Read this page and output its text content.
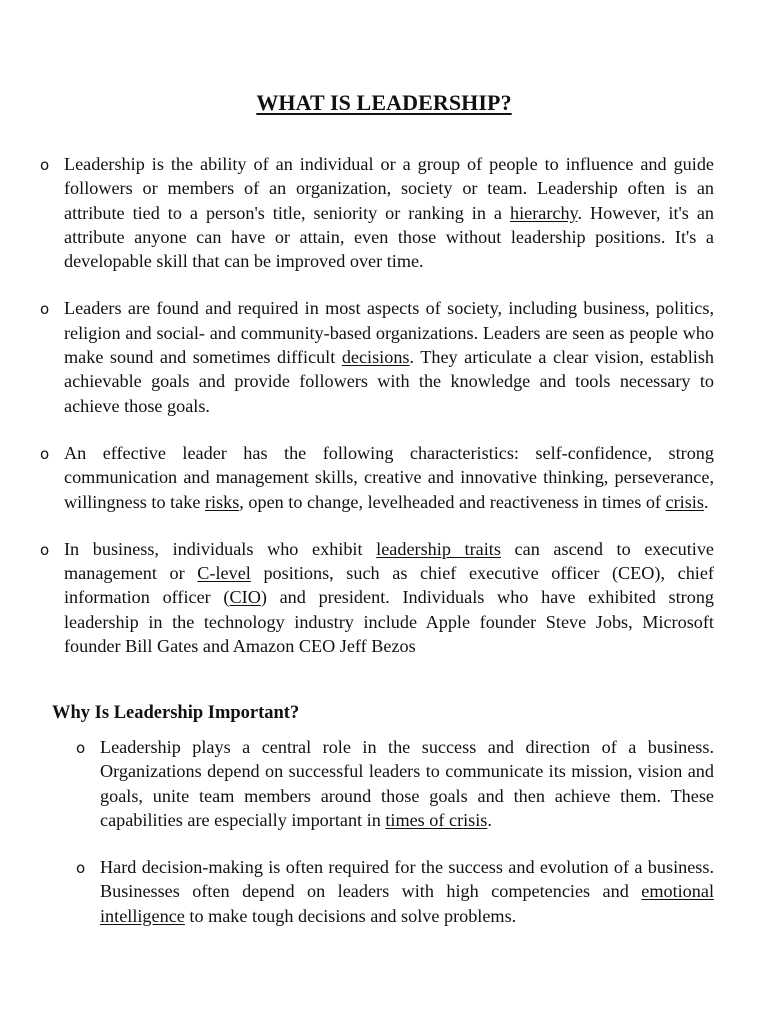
WHAT IS LEADERSHIP?
o Leadership is the ability of an individual or a group of people to influence and guide followers or members of an organization, society or team. Leadership often is an attribute tied to a person's title, seniority or ranking in a hierarchy. However, it's an attribute anyone can have or attain, even those without leadership positions. It's a developable skill that can be improved over time.
o Leaders are found and required in most aspects of society, including business, politics, religion and social- and community-based organizations. Leaders are seen as people who make sound and sometimes difficult decisions. They articulate a clear vision, establish achievable goals and provide followers with the knowledge and tools necessary to achieve those goals.
o An effective leader has the following characteristics: self-confidence, strong communication and management skills, creative and innovative thinking, perseverance, willingness to take risks, open to change, levelheaded and reactiveness in times of crisis.
o In business, individuals who exhibit leadership traits can ascend to executive management or C-level positions, such as chief executive officer (CEO), chief information officer (CIO) and president. Individuals who have exhibited strong leadership in the technology industry include Apple founder Steve Jobs, Microsoft founder Bill Gates and Amazon CEO Jeff Bezos
Why Is Leadership Important?
o Leadership plays a central role in the success and direction of a business. Organizations depend on successful leaders to communicate its mission, vision and goals, unite team members around those goals and then achieve them. These capabilities are especially important in times of crisis.
o Hard decision-making is often required for the success and evolution of a business. Businesses often depend on leaders with high competencies and emotional intelligence to make tough decisions and solve problems.
